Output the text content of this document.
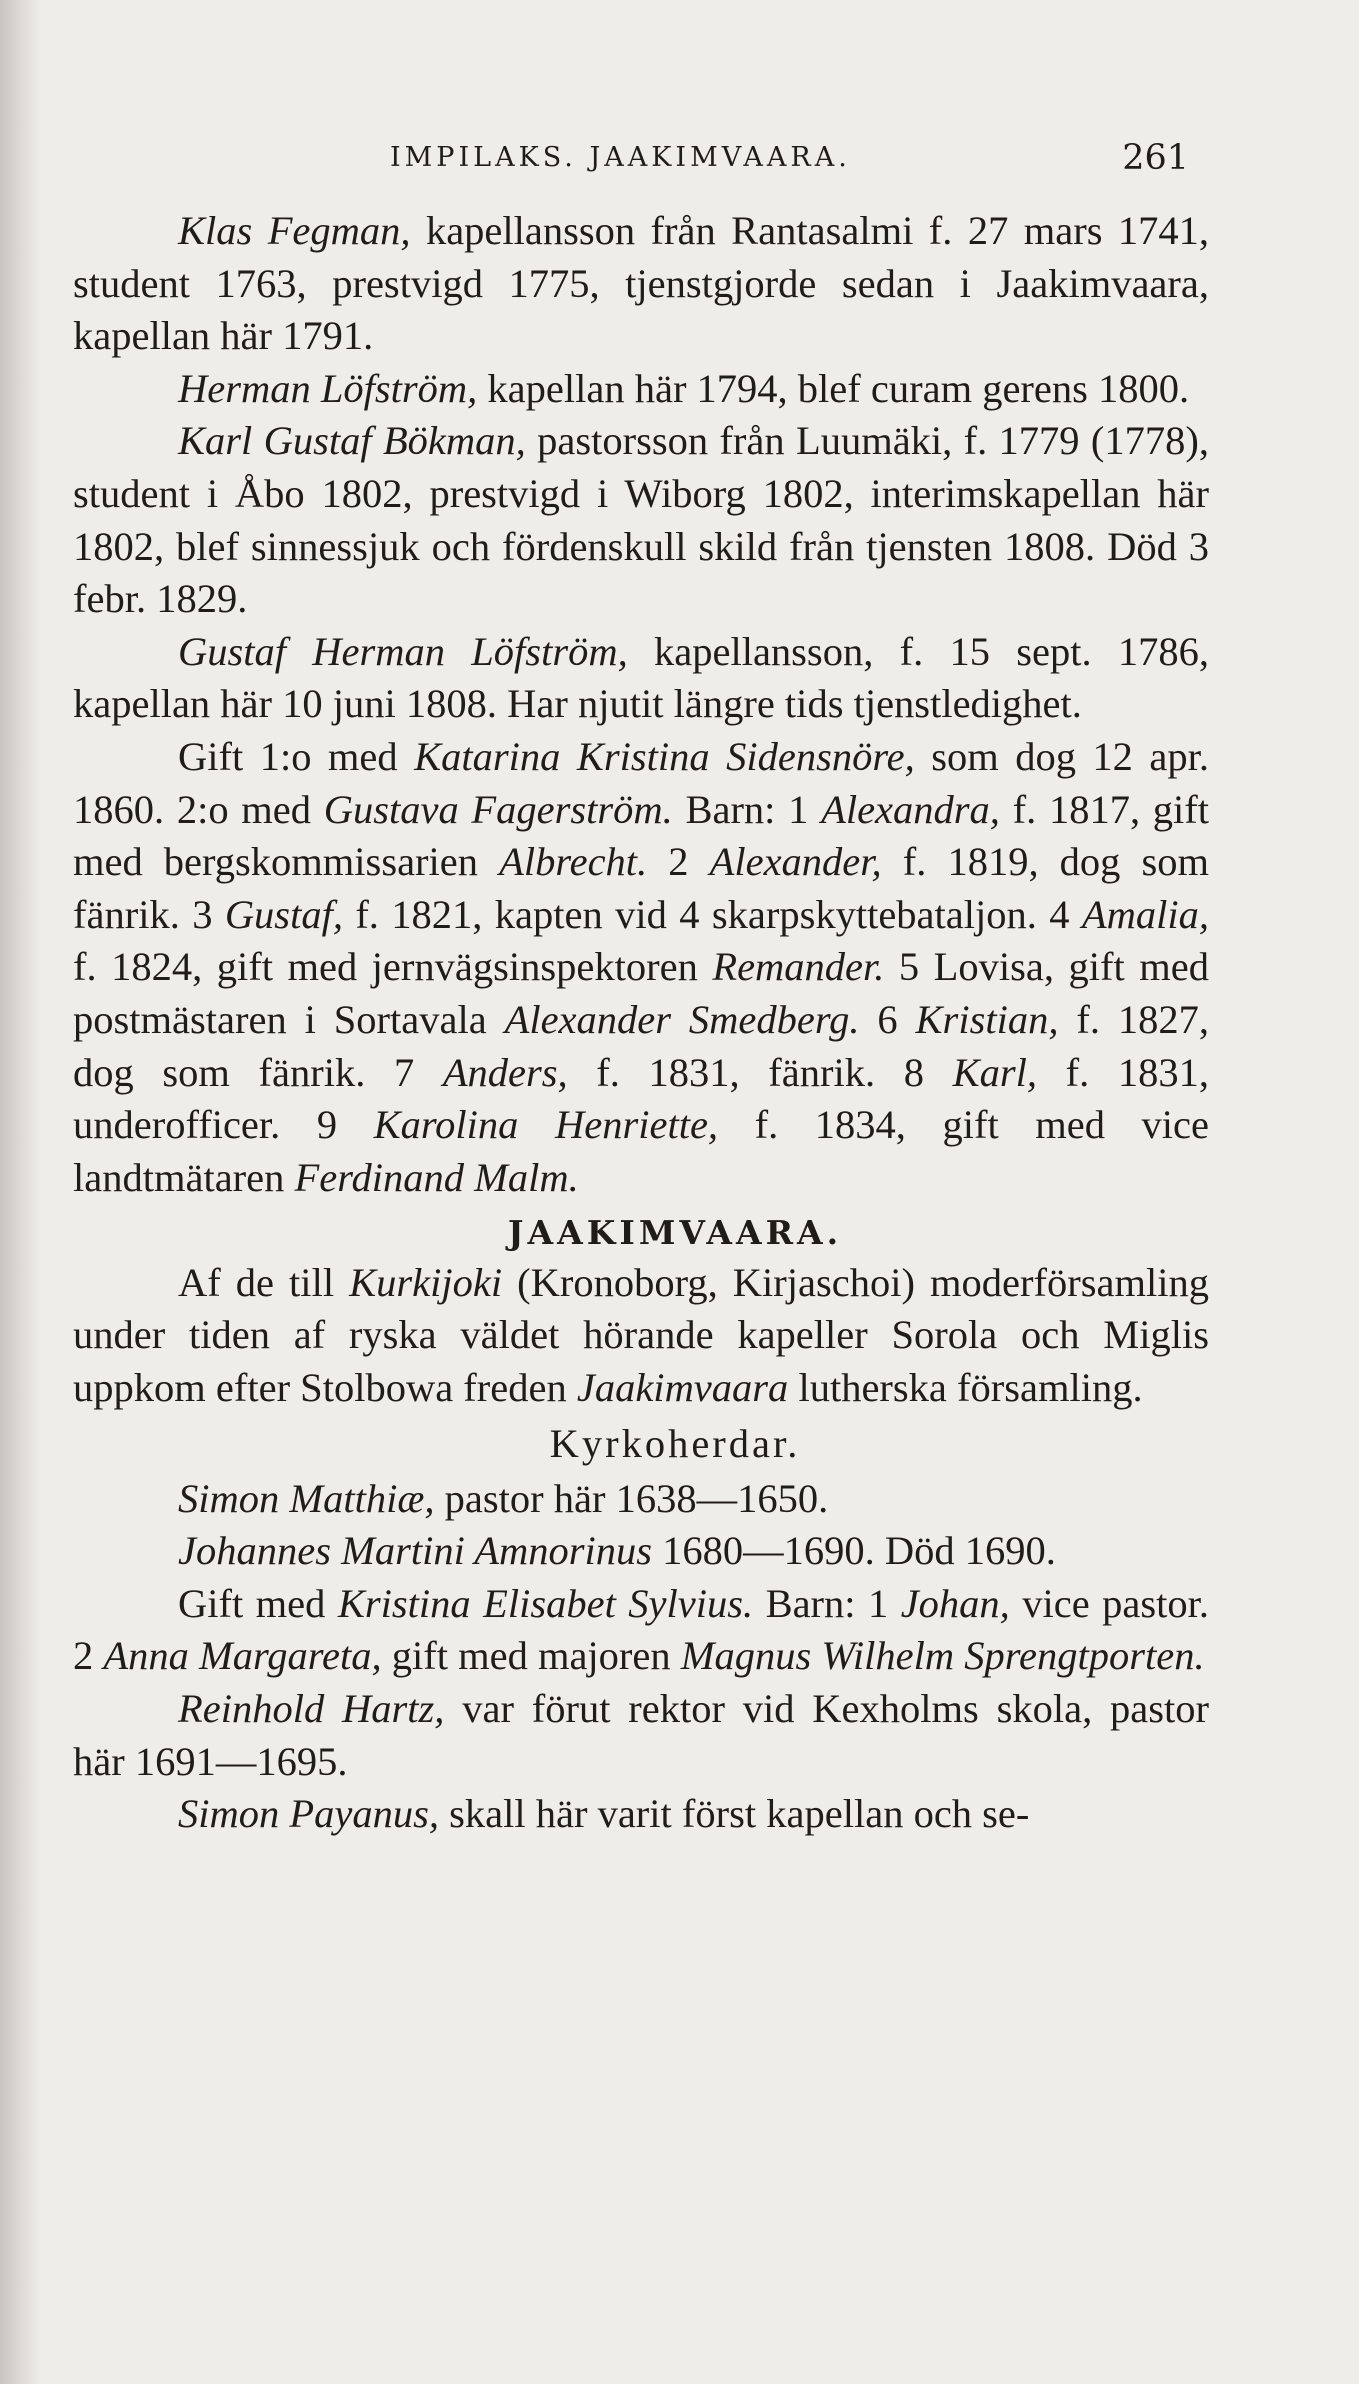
IMPILAKS. JAAKIMVAARA.	261

Klas Fegman, kapellansson från Rantasalmi f. 27 mars 1741, student 1763, prestvigd 1775, tjenstgjorde sedan i Jaakimvaara, kapellan här 1791.

Herman Löfström, kapellan här 1794, blef curam gerens 1800.

Karl Gustaf Bökman, pastorsson från Luumäki, f. 1779 (1778), student i Åbo 1802, prestvigd i Wiborg 1802, interimskapellan här 1802, blef sinnessjuk och fördenskull skild från tjensten 1808. Död 3 febr. 1829.

Gustaf Herman Löfström, kapellansson, f. 15 sept. 1786, kapellan här 10 juni 1808. Har njutit längre tids tjenstledighet.

Gift 1:o med Katarina Kristina Sidensnöre, som dog 12 apr. 1860. 2:o med Gustava Fagerström. Barn: 1 Alexandra, f. 1817, gift med bergskommissarien Albrecht. 2 Alexander, f. 1819, dog som fänrik. 3 Gustaf, f. 1821, kapten vid 4 skarpskyttebataljon. 4 Amalia, f. 1824, gift med jernvägsinspektoren Remander. 5 Lovisa, gift med postmästaren i Sortavala Alexander Smedberg. 6 Kristian, f. 1827, dog som fänrik. 7 Anders, f. 1831, fänrik. 8 Karl, f. 1831, underofficer. 9 Karolina Henriette, f. 1834, gift med vice landtmätaren Ferdinand Malm.

JAAKIMVAARA.

Af de till Kurkijoki (Kronoborg, Kirjaschoi) moderförsamling under tiden af ryska väldet hörande kapeller Sorola och Miglis uppkom efter Stolbowa freden Jaakimvaara lutherska församling.

Kyrkoherdar.

Simon Matthiæ, pastor här 1638—1650.

Johannes Martini Amnorinus 1680—1690. Död 1690.

Gift med Kristina Elisabet Sylvius. Barn: 1 Johan, vice pastor. 2 Anna Margareta, gift med majoren Magnus Wilhelm Sprengtporten.

Reinhold Hartz, var förut rektor vid Kexholms skola, pastor här 1691—1695.

Simon Payanus, skall här varit först kapellan och se-
